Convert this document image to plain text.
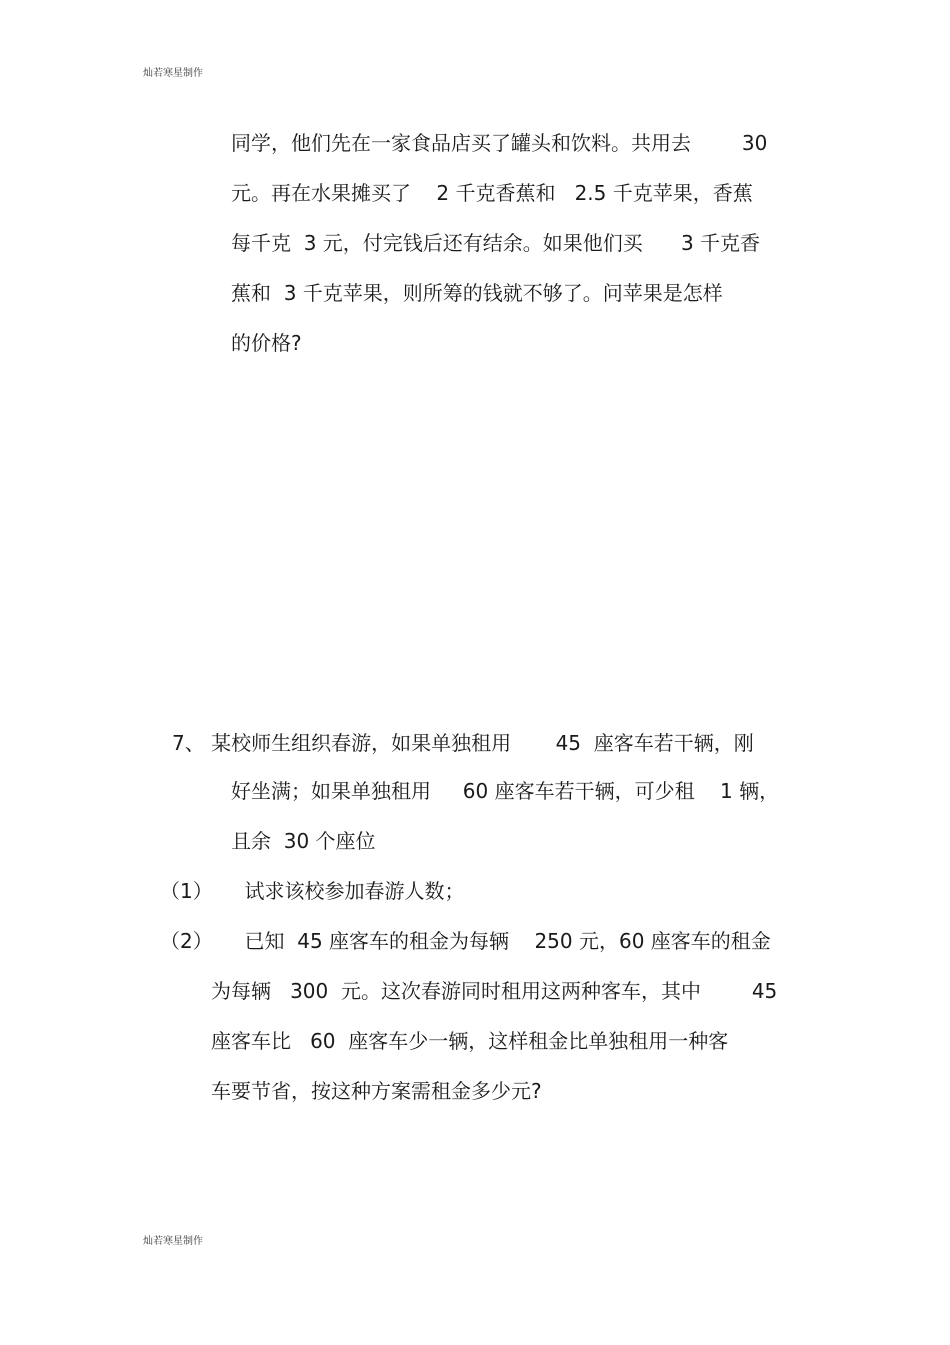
灿若寒星制作
同学，他们先在一家食品店买了罐头和饮料。共用去        30
元。再在水果摊买了    2 千克香蕉和   2.5 千克苹果，香蕉
每千克  3 元，付完钱后还有结余。如果他们买      3 千克香
蕉和  3 千克苹果，则所筹的钱就不够了。问苹果是怎样
的价格?
7、 某校师生组织春游，如果单独租用       45  座客车若干辆，刚
好坐满；如果单独租用     60 座客车若干辆，可少租    1 辆，
且余  30 个座位
（1）     试求该校参加春游人数；
（2）     已知  45 座客车的租金为每辆    250 元，60 座客车的租金
为每辆   300  元。这次春游同时租用这两种客车，其中        45
座客车比   60  座客车少一辆，这样租金比单独租用一种客
车要节省，按这种方案需租金多少元?
灿若寒星制作
